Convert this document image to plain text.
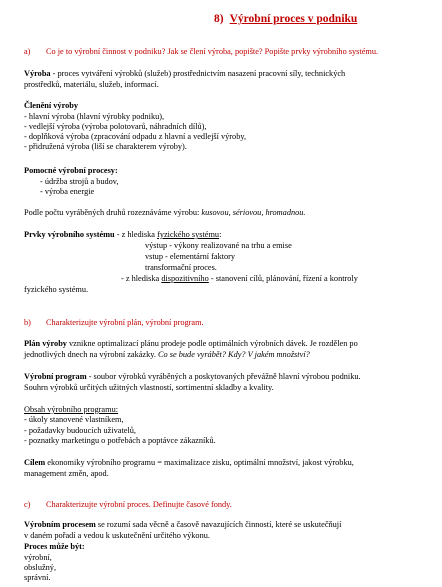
8) Výrobní proces v podniku
a) Co je to výrobní činnost v podniku? Jak se člení výroba, popište? Popište prvky výrobního systému.
Výroba - proces vytváření výrobků (služeb) prostřednictvím nasazení pracovní síly, technických
prostředků, materiálu, služeb, informací.
Členění výroby
- hlavní výroba (hlavní výrobky podniku),
- vedlejší výroba (výroba polotovarů, náhradních dílů),
- doplňková výroba (zpracování odpadu z hlavní a vedlejší výroby,
- přidružená výroba (liší se charakterem výroby).
Pomocné výrobní procesy:
- údržba strojů a budov,
- výroba energie
Podle počtu vyráběných druhů rozeznáváme výrobu: kusovou, sériovou, hromadnou.
Prvky výrobního systému - z hlediska fyzického systému:
výstup - výkony realizované na trhu a emise
vstup - elementární faktory
transformační proces.
- z hlediska dispozitivního - stanovení cílů, plánování, řízení a kontroly
fyzického systému.
b) Charakterizujte výrobní plán, výrobní program.
Plán výroby vznikne optimalizací plánu prodeje podle optimálních výrobních dávek. Je rozdělen po
jednotlivých dnech na výrobní zakázky. Co se bude vyrábět? Kdy? V jakém množství?
Výrobní program - soubor výrobků vyráběných a poskytovaných převážně hlavní výrobou podniku.
Souhrn výrobků určitých užitných vlastností, sortimentní skladby a kvality.
Obsah výrobního programu:
- úkoly stanovené vlastníkem,
- požadavky budoucích uživatelů,
- poznatky marketingu o potřebách a poptávce zákazníků.
Cílem ekonomiky výrobního programu = maximalizace zisku, optimální množství, jakost výrobku,
management změn, apod.
c) Charakterizujte výrobní proces. Definujte časové fondy.
Výrobním procesem se rozumí sada věcně a časově navazujících činností, které se uskutečňují
v daném pořadí a vedou k uskutečnění určitého výkonu.
Proces může být:
výrobní,
obslužný,
správní.
